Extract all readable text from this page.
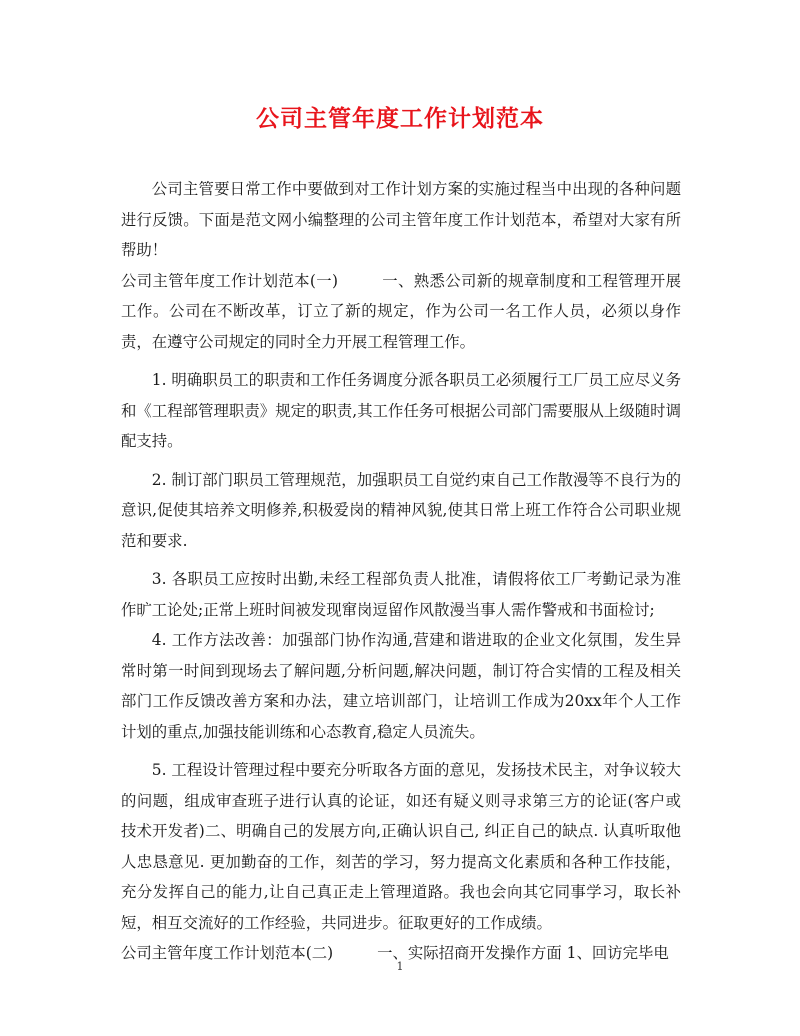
公司主管年度工作计划范本

公司主管要日常工作中要做到对工作计划方案的实施过程当中出现的各种问题进行反馈。下面是范文网小编整理的公司主管年度工作计划范本，希望对大家有所帮助！

公司主管年度工作计划范本(一)	一、熟悉公司新的规章制度和工程管理开展工作。公司在不断改革，订立了新的规定，作为公司一名工作人员，必须以身作责，在遵守公司规定的同时全力开展工程管理工作。

1. 明确职员工的职责和工作任务调度分派各职员工必须履行工厂员工应尽义务和《工程部管理职责》规定的职责,其工作任务可根据公司部门需要服从上级随时调配支持。

2. 制订部门职员工管理规范，加强职员工自觉约束自己工作散漫等不良行为的意识,促使其培养文明修养,积极爱岗的精神风貌,使其日常上班工作符合公司职业规范和要求.

3. 各职员工应按时出勤,未经工程部负责人批准，请假将依工厂考勤记录为准作旷工论处;正常上班时间被发现窜岗逗留作风散漫当事人需作警戒和书面检讨;

4. 工作方法改善：加强部门协作沟通,营建和谐进取的企业文化氛围，发生异常时第一时间到现场去了解问题,分析问题,解决问题，制订符合实情的工程及相关部门工作反馈改善方案和办法，建立培训部门，让培训工作成为20xx年个人工作计划的重点,加强技能训练和心态教育,稳定人员流失。

5. 工程设计管理过程中要充分听取各方面的意见，发扬技术民主，对争议较大的问题，组成审查班子进行认真的论证，如还有疑义则寻求第三方的论证(客户或技术开发者)二、明确自己的发展方向,正确认识自己, 纠正自己的缺点. 认真听取他人忠恳意见. 更加勤奋的工作，刻苦的学习，努力提高文化素质和各种工作技能，充分发挥自己的能力,让自己真正走上管理道路。我也会向其它同事学习，取长补短，相互交流好的工作经验，共同进步。征取更好的工作成绩。

公司主管年度工作计划范本(二)	一、实际招商开发操作方面 1、回访完毕电

1
